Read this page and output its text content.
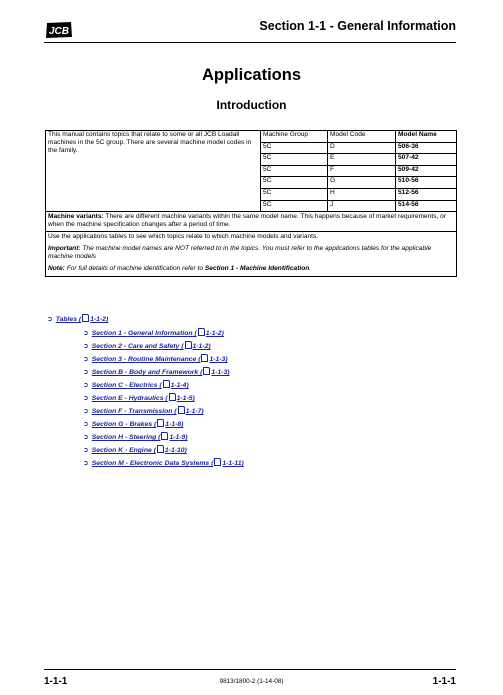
JCB	Section 1-1 - General Information
Applications
Introduction
This manual contains topics that relate to some or all JCB Loadall machines in the 5C group. There are several machine model codes in the family.	Machine Group	Model Code	Model Name
	5C	D	506-36
	5C	E	507-42
	5C	F	509-42
	5C	G	510-56
	5C	H	512-56
	5C	J	514-56
Machine variants: There are different machine variants within the same model name. This happens because of market requirements, or when the machine specification changes after a period of time.			

Use the applications tables to see which topics relate to which machine models and variants.
Important: The machine model names are NOT referred to in the topics. You must refer to the applications tables for the applicable machine models
Note: For full details of machine identification refer to Section 1 - Machine Identification.			
➲ Tables ( 1-1-2)
➲ Section 1 - General Information ( 1-1-2)
➲ Section 2 - Care and Safety ( 1-1-2)
➲ Section 3 - Routine Maintenance ( 1-1-3)
➲ Section B - Body and Framework ( 1-1-3)
➲ Section C - Electrics ( 1-1-4)
➲ Section E - Hydraulics ( 1-1-5)
➲ Section F - Transmission ( 1-1-7)
➲ Section G - Brakes ( 1-1-8)
➲ Section H - Steering ( 1-1-9)
➲ Section K - Engine ( 1-1-10)
➲ Section M - Electronic Data Systems ( 1-1-11)
1-1-1	9813/1800-2 (1-14-08)	1-1-1
